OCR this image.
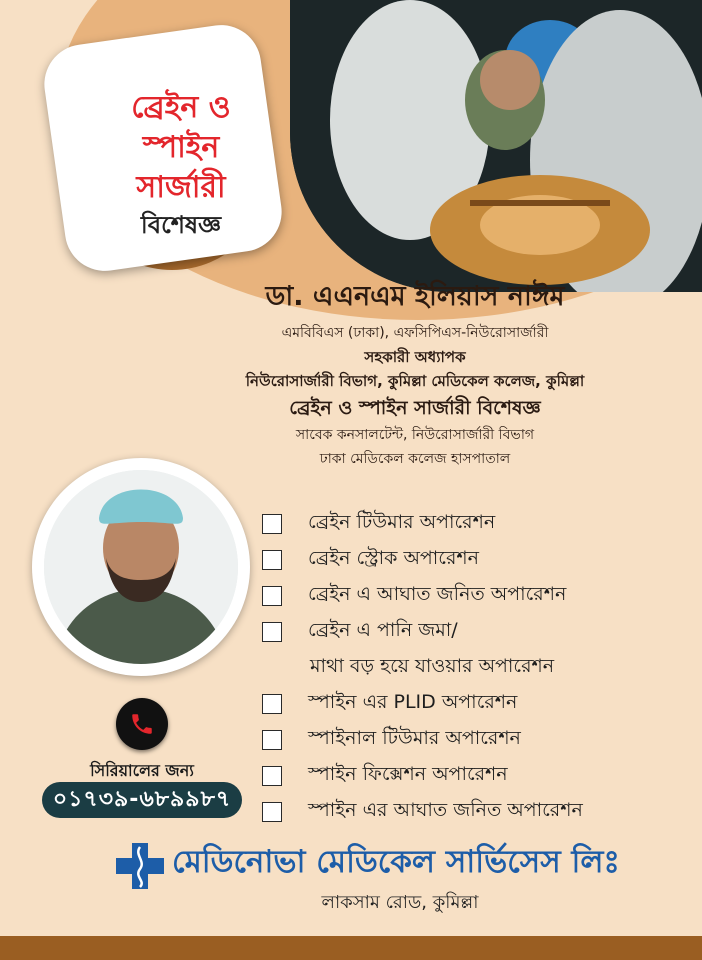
ব্রেইন ও
স্পাইন
সার্জারী
বিশেষজ্ঞ
ডা. এএনএম ইলিয়াস নাঈম
এমবিবিএস (ঢাকা), এফসিপিএস-নিউরোসার্জারী
সহকারী অধ্যাপক
নিউরোসার্জারী বিভাগ, কুমিল্লা মেডিকেল কলেজ, কুমিল্লা
ব্রেইন ও স্পাইন সার্জারী বিশেষজ্ঞ
সাবেক কনসালটেন্ট, নিউরোসার্জারী বিভাগ
ঢাকা মেডিকেল কলেজ হাসপাতাল
ব্রেইন টিউমার অপারেশন
ব্রেইন স্ট্রোক অপারেশন
ব্রেইন এ আঘাত জনিত অপারেশন
ব্রেইন এ পানি জমা/
মাথা বড় হয়ে যাওয়ার অপারেশন
স্পাইন এর PLID অপারেশন
স্পাইনাল টিউমার অপারেশন
স্পাইন ফিক্সেশন অপারেশন
স্পাইন এর আঘাত জনিত অপারেশন
সিরিয়ালের জন্য
০১৭৩৯-৬৮৯৯৮৭
মেডিনোভা মেডিকেল সার্ভিসেস লিঃ
লাকসাম রোড, কুমিল্লা
